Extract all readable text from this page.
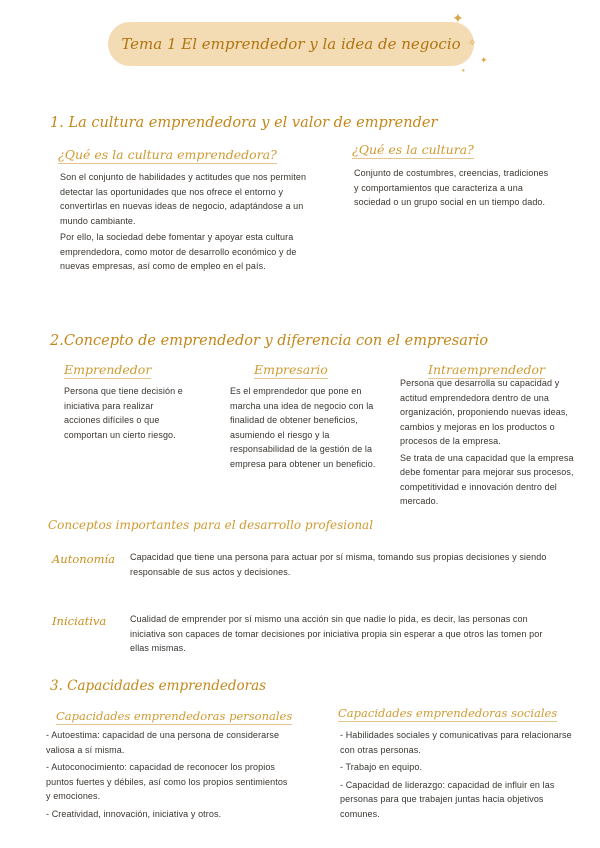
Tema 1 El emprendedor y la idea de negocio
✦
✧
✦
•
1. La cultura emprendedora y el valor de emprender
¿Qué es la cultura emprendedora?

Son el conjunto de habilidades y actitudes que nos permiten detectar las oportunidades que nos ofrece el entorno y convertirlas en nuevas ideas de negocio, adaptándose a un mundo cambiante.

Por ello, la sociedad debe fomentar y apoyar esta cultura emprendedora, como motor de desarrollo económico y de nuevas empresas, así como de empleo en el país.

¿Qué es la cultura?

Conjunto de costumbres, creencias, tradiciones y comportamientos que caracteriza a una sociedad o un grupo social en un tiempo dado.

2.Concepto de emprendedor y diferencia con el empresario
Emprendedor

Persona que tiene decisión e iniciativa para realizar acciones difíciles o que comportan un cierto riesgo.

Empresario

Es el emprendedor que pone en marcha una idea de negocio con la finalidad de obtener beneficios, asumiendo el riesgo y la responsabilidad de la gestión de la empresa para obtener un beneficio.

Intraemprendedor

Persona que desarrolla su capacidad y actitud emprendedora dentro de una organización, proponiendo nuevas ideas, cambios y mejoras en los productos o procesos de la empresa.

Se trata de una capacidad que la empresa debe fomentar para mejorar sus procesos, competitividad e innovación dentro del mercado.

Conceptos importantes para el desarrollo profesional
Autonomía Capacidad que tiene una persona para actuar por sí misma, tomando sus propias decisiones y siendo responsable de sus actos y decisiones.
Iniciativa	Cualidad de emprender por sí mismo una acción sin que nadie lo pida, es decir, las personas con iniciativa son capaces de tomar decisiones por iniciativa propia sin esperar a que otros las tomen por ellas mismas.
3. Capacidades emprendedoras
Capacidades emprendedoras personales
- Autoestima: capacidad de una persona de considerarse valiosa a sí misma.
- Autoconocimiento: capacidad de reconocer los propios puntos fuertes y débiles, así como los propios sentimientos y emociones.
- Creatividad, innovación, iniciativa y otros.
Capacidades emprendedoras sociales
- Habilidades sociales y comunicativas para relacionarse con otras personas.
- Trabajo en equipo.
- Capacidad de liderazgo: capacidad de influir en las personas para que trabajen juntas hacia objetivos comunes.
